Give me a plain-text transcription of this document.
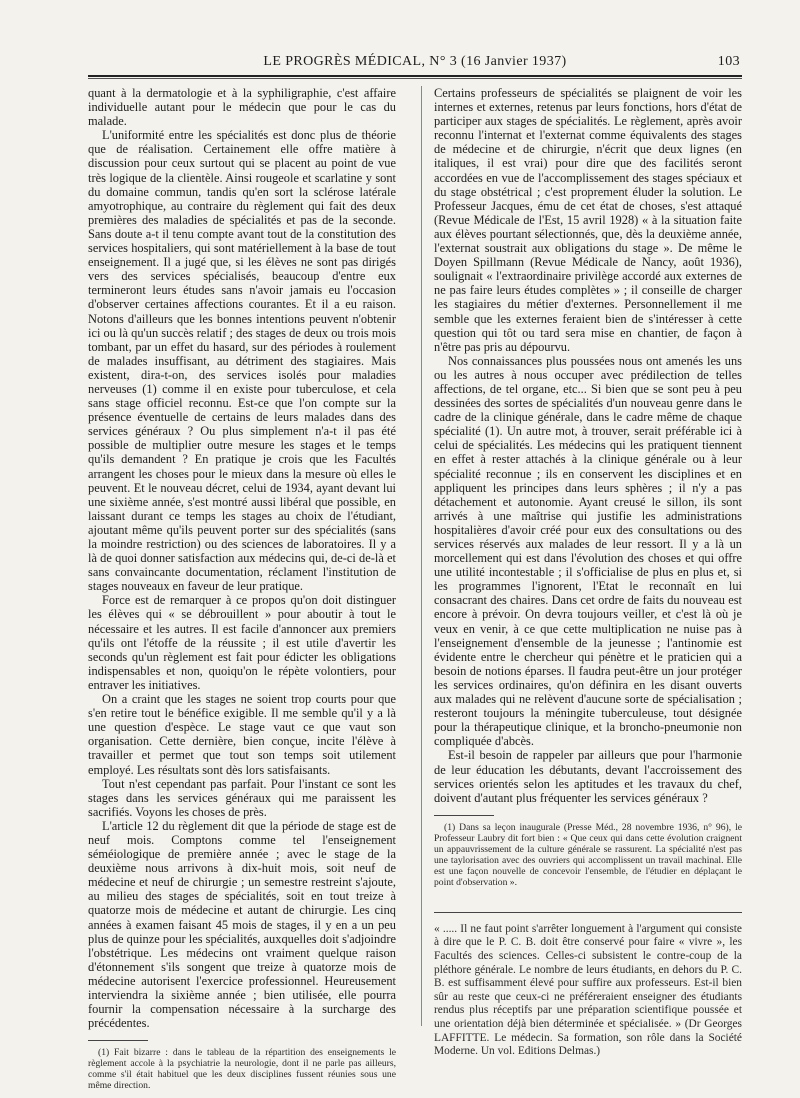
LE PROGRÈS MÉDICAL, N° 3 (16 Janvier 1937)	103

quant à la dermatologie et à la syphiligraphie, c'est affaire individuelle autant pour le médecin que pour le cas du malade.

L'uniformité entre les spécialités est donc plus de théorie que de réalisation. Certainement elle offre matière à discussion pour ceux surtout qui se placent au point de vue très logique de la clientèle. Ainsi rougeole et scarlatine y sont du domaine commun, tandis qu'en sort la sclérose latérale amyotrophique, au contraire du règlement qui fait des deux premières des maladies de spécialités et pas de la seconde. Sans doute a-t il tenu compte avant tout de la constitution des services hospitaliers, qui sont matériellement à la base de tout enseignement. Il a jugé que, si les élèves ne sont pas dirigés vers des services spécialisés, beaucoup d'entre eux termineront leurs études sans n'avoir jamais eu l'occasion d'observer certaines affections courantes. Et il a eu raison. Notons d'ailleurs que les bonnes intentions peuvent n'obtenir ici ou là qu'un succès relatif ; des stages de deux ou trois mois tombant, par un effet du hasard, sur des périodes à roulement de malades insuffisant, au détriment des stagiaires. Mais existent, dira-t-on, des services isolés pour maladies nerveuses (1) comme il en existe pour tuberculose, et cela sans stage officiel reconnu. Est-ce que l'on compte sur la présence éventuelle de certains de leurs malades dans des services généraux ? Ou plus simplement n'a-t il pas été possible de multiplier outre mesure les stages et le temps qu'ils demandent ? En pratique je crois que les Facultés arrangent les choses pour le mieux dans la mesure où elles le peuvent. Et le nouveau décret, celui de 1934, ayant devant lui une sixième année, s'est montré aussi libéral que possible, en laissant durant ce temps les stages au choix de l'étudiant, ajoutant même qu'ils peuvent porter sur des spécialités (sans la moindre restriction) ou des sciences de laboratoires. Il y a là de quoi donner satisfaction aux médecins qui, de-ci de-là et sans convaincante documentation, réclament l'institution de stages nouveaux en faveur de leur pratique.

Force est de remarquer à ce propos qu'on doit distinguer les élèves qui « se débrouillent » pour aboutir à tout le nécessaire et les autres. Il est facile d'annoncer aux premiers qu'ils ont l'étoffe de la réussite ; il est utile d'avertir les seconds qu'un règlement est fait pour édicter les obligations indispensables et non, quoiqu'on le répète volontiers, pour entraver les initiatives.

On a craint que les stages ne soient trop courts pour que s'en retire tout le bénéfice exigible. Il me semble qu'il y a là une question d'espèce. Le stage vaut ce que vaut son organisation. Cette dernière, bien conçue, incite l'élève à travailler et permet que tout son temps soit utilement employé. Les résultats sont dès lors satisfaisants.

Tout n'est cependant pas parfait. Pour l'instant ce sont les stages dans les services généraux qui me paraissent les sacrifiés. Voyons les choses de près.

L'article 12 du règlement dit que la période de stage est de neuf mois. Comptons comme tel l'enseignement séméiologique de première année ; avec le stage de la deuxième nous arrivons à dix-huit mois, soit neuf de médecine et neuf de chirurgie ; un semestre restreint s'ajoute, au milieu des stages de spécialités, soit en tout treize à quatorze mois de médecine et autant de chirurgie. Les cinq années à examen faisant 45 mois de stages, il y en a un peu plus de quinze pour les spécialités, auxquelles doit s'adjoindre l'obstétrique. Les médecins ont vraiment quelque raison d'étonnement s'ils songent que treize à quatorze mois de médecine autorisent l'exercice professionnel. Heureusement interviendra la sixième année ; bien utilisée, elle pourra fournir la compensation nécessaire à la surcharge des précédentes.

(1) Fait bizarre : dans le tableau de la répartition des enseignements le règlement accole à la psychiatrie la neurologie, dont il ne parle pas ailleurs, comme s'il était habituel que les deux disciplines fussent réunies sous une même direction.

Certains professeurs de spécialités se plaignent de voir les internes et externes, retenus par leurs fonctions, hors d'état de participer aux stages de spécialités. Le règlement, après avoir reconnu l'internat et l'externat comme équivalents des stages de médecine et de chirurgie, n'écrit que deux lignes (en italiques, il est vrai) pour dire que des facilités seront accordées en vue de l'accomplissement des stages spéciaux et du stage obstétrical ; c'est proprement éluder la solution. Le Professeur Jacques, ému de cet état de choses, s'est attaqué (Revue Médicale de l'Est, 15 avril 1928) « à la situation faite aux élèves pourtant sélectionnés, que, dès la deuxième année, l'externat soustrait aux obligations du stage ». De même le Doyen Spillmann (Revue Médicale de Nancy, août 1936), soulignait « l'extraordinaire privilège accordé aux externes de ne pas faire leurs études complètes » ; il conseille de charger les stagiaires du métier d'externes. Personnellement il me semble que les externes feraient bien de s'intéresser à cette question qui tôt ou tard sera mise en chantier, de façon à n'être pas pris au dépourvu.

Nos connaissances plus poussées nous ont amenés les uns ou les autres à nous occuper avec prédilection de telles affections, de tel organe, etc... Si bien que se sont peu à peu dessinées des sortes de spécialités d'un nouveau genre dans le cadre de la clinique générale, dans le cadre même de chaque spécialité (1). Un autre mot, à trouver, serait préférable ici à celui de spécialités. Les médecins qui les pratiquent tiennent en effet à rester attachés à la clinique générale ou à leur spécialité reconnue ; ils en conservent les disciplines et en appliquent les principes dans leurs sphères ; il n'y a pas détachement et autonomie. Ayant creusé le sillon, ils sont arrivés à une maîtrise qui justifie les administrations hospitalières d'avoir créé pour eux des consultations ou des services réservés aux malades de leur ressort. Il y a là un morcellement qui est dans l'évolution des choses et qui offre une utilité incontestable ; il s'officialise de plus en plus et, si les programmes l'ignorent, l'Etat le reconnaît en lui consacrant des chaires. Dans cet ordre de faits du nouveau est encore à prévoir. On devra toujours veiller, et c'est là où je veux en venir, à ce que cette multiplication ne nuise pas à l'enseignement d'ensemble de la jeunesse ; l'antinomie est évidente entre le chercheur qui pénètre et le praticien qui a besoin de notions éparses. Il faudra peut-être un jour protéger les services ordinaires, qu'on définira en les disant ouverts aux malades qui ne relèvent d'aucune sorte de spécialisation ; resteront toujours la méningite tuberculeuse, tout désignée pour la thérapeutique clinique, et la broncho-pneumonie non compliquée d'abcès.

Est-il besoin de rappeler par ailleurs que pour l'harmonie de leur éducation les débutants, devant l'accroissement des services orientés selon les aptitudes et les travaux du chef, doivent d'autant plus fréquenter les services généraux ?

(1) Dans sa leçon inaugurale (Presse Méd., 28 novembre 1936, n° 96), le Professeur Laubry dit fort bien : « Que ceux qui dans cette évolution craignent un appauvrissement de la culture générale se rassurent. La spécialité n'est pas une taylorisation avec des ouvriers qui accomplissent un travail machinal. Elle est une façon nouvelle de concevoir l'ensemble, de l'étudier en déplaçant le point d'observation ».

« ..... Il ne faut point s'arrêter longuement à l'argument qui consiste à dire que le P. C. B. doit être conservé pour faire « vivre », les Facultés des sciences. Celles-ci subsistent le contre-coup de la pléthore générale. Le nombre de leurs étudiants, en dehors du P. C. B. est suffisamment élevé pour suffire aux professeurs. Est-il bien sûr au reste que ceux-ci ne préféreraient enseigner des étudiants rendus plus réceptifs par une préparation scientifique poussée et une orientation déjà bien déterminée et spécialisée. » (Dr Georges LAFFITTE. Le médecin. Sa formation, son rôle dans la Société Moderne. Un vol. Editions Delmas.)
